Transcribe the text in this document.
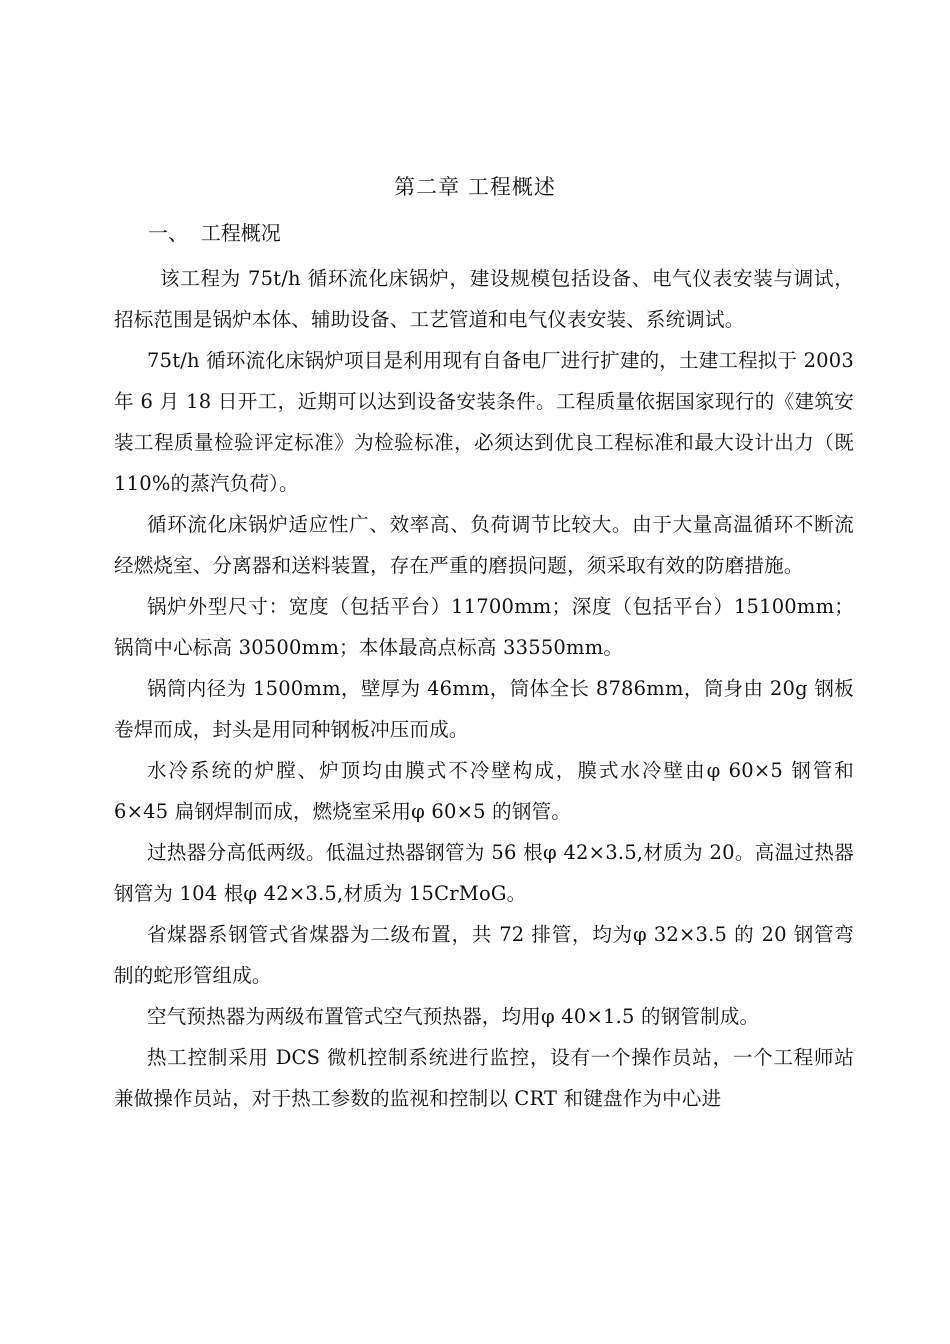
第二章 工程概述
一、  工程概况

该工程为 75t/h 循环流化床锅炉，建设规模包括设备、电气仪表安装与调试，招标范围是锅炉本体、辅助设备、工艺管道和电气仪表安装、系统调试。

75t/h 循环流化床锅炉项目是利用现有自备电厂进行扩建的，土建工程拟于 2003 年 6 月 18 日开工，近期可以达到设备安装条件。工程质量依据国家现行的《建筑安装工程质量检验评定标准》为检验标准，必须达到优良工程标准和最大设计出力（既 110%的蒸汽负荷）。

循环流化床锅炉适应性广、效率高、负荷调节比较大。由于大量高温循环不断流经燃烧室、分离器和送料装置，存在严重的磨损问题，须采取有效的防磨措施。

锅炉外型尺寸：宽度（包括平台）11700mm；深度（包括平台）15100mm；锅筒中心标高 30500mm；本体最高点标高 33550mm。

锅筒内径为 1500mm，壁厚为 46mm，筒体全长 8786mm，筒身由 20g 钢板卷焊而成，封头是用同种钢板冲压而成。

水冷系统的炉膛、炉顶均由膜式不冷壁构成，膜式水冷壁由φ 60×5 钢管和 6×45 扁钢焊制而成，燃烧室采用φ 60×5 的钢管。

过热器分高低两级。低温过热器钢管为 56 根φ 42×3.5,材质为 20。高温过热器钢管为 104 根φ 42×3.5,材质为 15CrMoG。

省煤器系钢管式省煤器为二级布置，共 72 排管，均为φ 32×3.5 的 20 钢管弯制的蛇形管组成。

空气预热器为两级布置管式空气预热器，均用φ 40×1.5 的钢管制成。

热工控制采用 DCS 微机控制系统进行监控，设有一个操作员站，一个工程师站兼做操作员站，对于热工参数的监视和控制以 CRT 和键盘作为中心进
